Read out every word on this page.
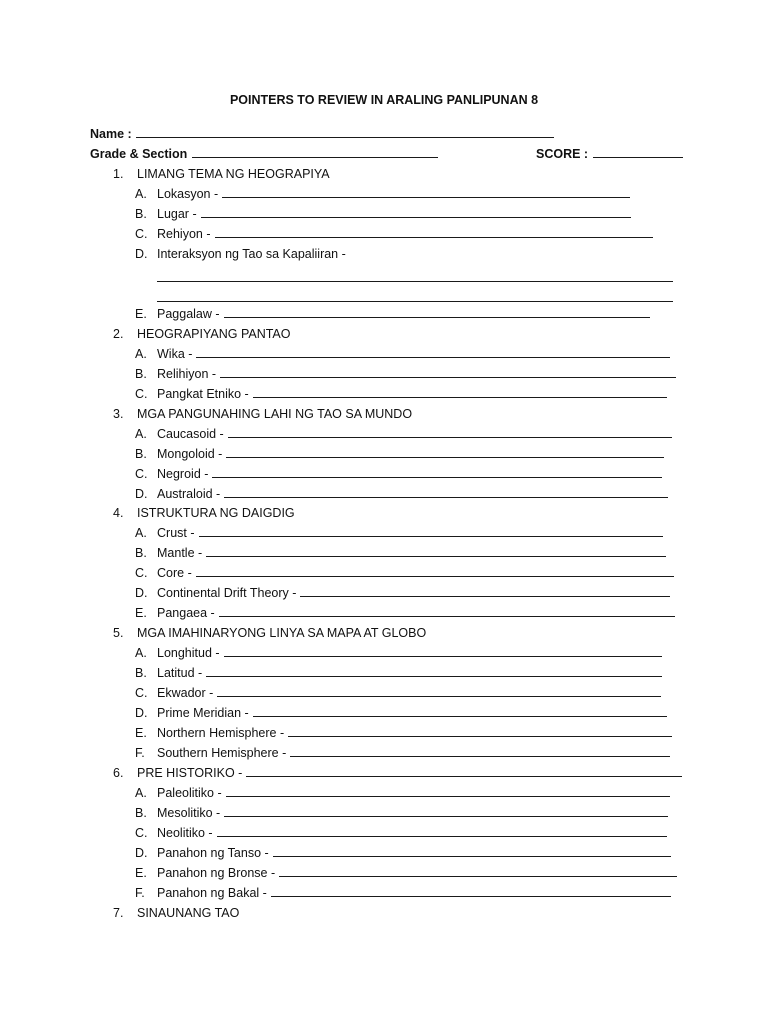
POINTERS TO REVIEW IN ARALING PANLIPUNAN 8
Name :
Grade & Section	SCORE :
1.	LIMANG TEMA NG HEOGRAPIYA
A. Lokasyon -
B. Lugar -
C. Rehiyon -
D. Interaksyon ng Tao sa Kapaliiran -
E. Paggalaw -
2.	HEOGRAPIYANG PANTAO
A. Wika -
B. Relihiyon -
C. Pangkat Etniko -
3.	MGA PANGUNAHING LAHI NG TAO SA MUNDO
A. Caucasoid -
B. Mongoloid -
C. Negroid -
D. Australoid -
4.	ISTRUKTURA NG DAIGDIG
A. Crust -
B. Mantle -
C. Core -
D. Continental Drift Theory -
E. Pangaea -
5.	MGA IMAHINARYONG LINYA SA MAPA AT GLOBO
A. Longhitud -
B. Latitud -
C. Ekwador -
D. Prime Meridian -
E. Northern Hemisphere -
F. Southern Hemisphere -
6.	PRE HISTORIKO -
A. Paleolitiko -
B. Mesolitiko -
C. Neolitiko -
D. Panahon ng Tanso -
E. Panahon ng Bronse -
F. Panahon ng Bakal -
7.	SINAUNANG TAO
